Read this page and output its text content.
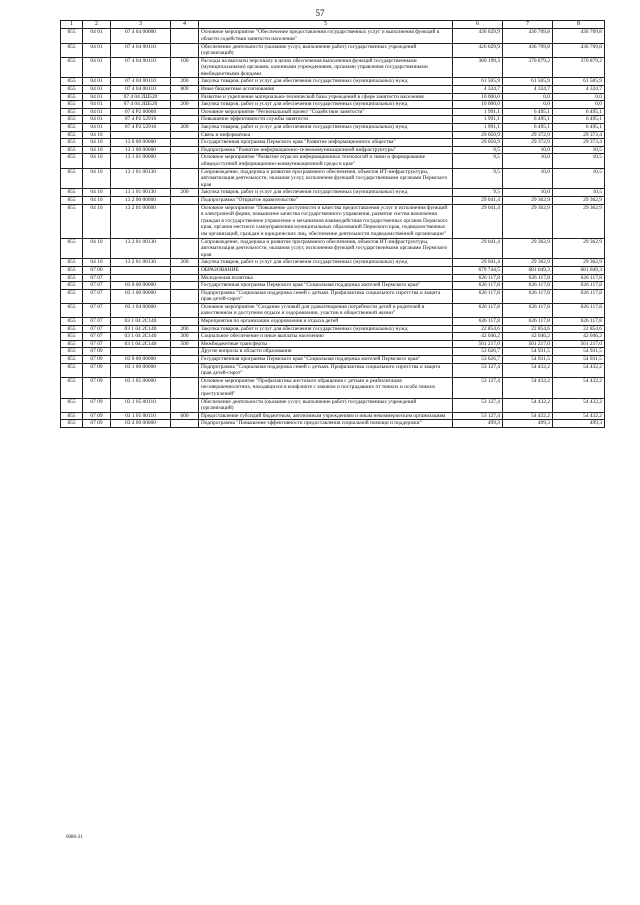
57
1	2	3	4	5	6	7	8
855	04 01	07 4 04 00000		Основное мероприятие "Обеспечение предоставления государственных услуг и выполнения функций в области содействия занятости населения"	436 029,9	436 709,8	436 709,8
855	04 01	07 4 04 00110		Обеспечение деятельности (оказание услуг, выполнение работ) государственных учреждений (организаций)	426 029,9	436 709,8	436 709,8
855	04 01	07 4 04 00110	100	Расходы на выплаты персоналу в целях обеспечения выполнения функций государственными (муниципальными) органами, казенными учреждениями, органами управления государственными внебюджетными фондами	360 199,3	370 879,2	370 879,2
855	04 01	07 4 04 00110	200	Закупка товаров, работ и услуг для обеспечения государственных (муниципальных) нужд	61 505,9	61 505,9	61 505,9
855	04 01	07 4 04 00110	800	Иные бюджетные ассигнования	4 324,7	4 324,7	4 324,7
855	04 01	07 4 04 2Ш520		Развитие и укрепление материально-технической базы учреждений в сфере занятости населения	10 000,0	0,0	0,0
855	04 01	07 4 04 2Ш520	200	Закупка товаров, работ и услуг для обеспечения государственных (муниципальных) нужд	10 000,0	0,0	0,0
855	04 01	07 4 P2 00000		Основное мероприятие "Региональный проект "Содействие занятости"	1 991,1	6 495,1	6 495,1
855	04 01	07 4 P2 52910		Повышение эффективности службы занятости	1 991,1	6 495,1	6 495,1
855	04 01	07 4 P2 52910	200	Закупка товаров, работ и услуг для обеспечения государственных (муниципальных) нужд	1 991,1	6 495,1	6 495,1
855	04 10			Связь и информатика	29 050,9	29 372,9	29 373,4
855	04 10	13 0 00 00000		Государственная программа Пермского края "Развитие информационного общества"	29 050,9	29 372,9	29 373,4
855	04 10	13 1 00 00000		Подпрограмма "Развитие информационно-телекоммуникационной инфраструктуры"	9,5	10,0	10,5
855	04 10	13 1 01 00000		Основное мероприятие "Развитие отрасли информационных технологий и связи и формирование общедоступной информационно-коммуникационной среды в крае"	9,5	10,0	10,5
855	04 10	13 1 01 00130		Сопровождение, поддержка и развитие программного обеспечения, объектов ИТ-инфраструктуры, автоматизация деятельности, оказания услуг, исполнения функций государственными органами Пермского края	9,5	10,0	10,5
855	04 10	13 1 01 00130	200	Закупка товаров, работ и услуг для обеспечения государственных (муниципальных) нужд	9,5	10,0	10,5
855	04 10	13 2 00 00000		Подпрограмма "Открытое правительство"	29 041,4	29 362,9	29 362,9
855	04 10	13 2 01 00000		Основное мероприятие "Повышение доступности и качества предоставления услуг и исполнения функций в электронной форме, повышение качества государственного управления, развитие систем вовлечения граждан в государственное управление и механизмов взаимодействия государственных органов Пермского края, органов местного самоуправления муниципальных образований Пермского края, подведомственных им организаций, граждан и юридических лиц, обеспечение деятельности подведомственной организации"	29 041,4	29 362,9	29 362,9
855	04 10	13 2 01 00130		Сопровождение, поддержка и развитие программного обеспечения, объектов ИТ-инфраструктуры, автоматизация деятельности, оказания услуг, исполнения функций государственными органами Пермского края	29 041,4	29 362,9	29 362,9
855	04 10	13 2 01 00130	200	Закупка товаров, работ и услуг для обеспечения государственных (муниципальных) нужд	29 041,4	29 362,9	29 362,9
855	07 00			ОБРАЗОВАНИЕ	679 744,5	681 049,3	681 049,3
855	07 07			Молодежная политика	626 117,8	626 117,8	626 117,8
855	07 07	03 0 00 00000		Государственная программа Пермского края "Социальная поддержка жителей Пермского края"	626 117,8	626 117,8	626 117,8
855	07 07	03 1 00 00000		Подпрограмма "Социальная поддержка семей с детьми. Профилактика социального сиротства и защита прав детей-сирот"	626 117,8	626 117,8	626 117,8
855	07 07	03 1 04 00000		Основное мероприятие "Создание условий для удовлетворения потребности детей и родителей в качественном и доступном отдыхе и оздоровлении, участии в общественной жизни"	626 117,8	626 117,8	626 117,8
855	07 07	03 1 04 2С140		Мероприятия по организации оздоровления и отдыха детей	626 117,8	626 117,8	626 117,8
855	07 07	03 1 04 2С140	200	Закупка товаров, работ и услуг для обеспечения государственных (муниципальных) нужд	22 854,6	22 854,6	22 854,6
855	07 07	03 1 04 2С140	300	Социальное обеспечение и иные выплаты населению	42 046,2	42 046,2	42 046,2
855	07 07	03 1 04 2С140	500	Межбюджетные трансферты	561 217,0	561 217,0	561 217,0
855	07 09			Другие вопросы в области образования	53 626,7	54 931,5	54 931,5
855	07 09	03 0 00 00000		Государственная программа Пермского края "Социальная поддержка жителей Пермского края"	53 626,7	54 931,5	54 931,5
855	07 09	03 1 00 00000		Подпрограмма "Социальная поддержка семей с детьми. Профилактика социального сиротства и защита прав детей-сирот"	53 127,4	54 432,2	54 432,2
855	07 09	03 1 05 00000		Основное мероприятие "Профилактика жестокого обращения с детьми и реабилитация несовершеннолетних, находящихся в конфликте с законом и пострадавших от тяжких и особо тяжких преступлений"	53 127,4	54 432,2	54 432,2
855	07 09	03 1 05 00110		Обеспечение деятельности (оказание услуг, выполнение работ) государственных учреждений (организаций)	53 127,4	54 432,2	54 432,2
855	07 09	03 1 05 00110	600	Предоставление субсидий бюджетным, автономным учреждениям и иным некоммерческим организациям	53 127,4	54 432,2	54 432,2
855	07 09	03 4 00 00000		Подпрограмма "Повышение эффективности предоставления социальной помощи и поддержки"	499,3	499,3	499,3
6086-21
